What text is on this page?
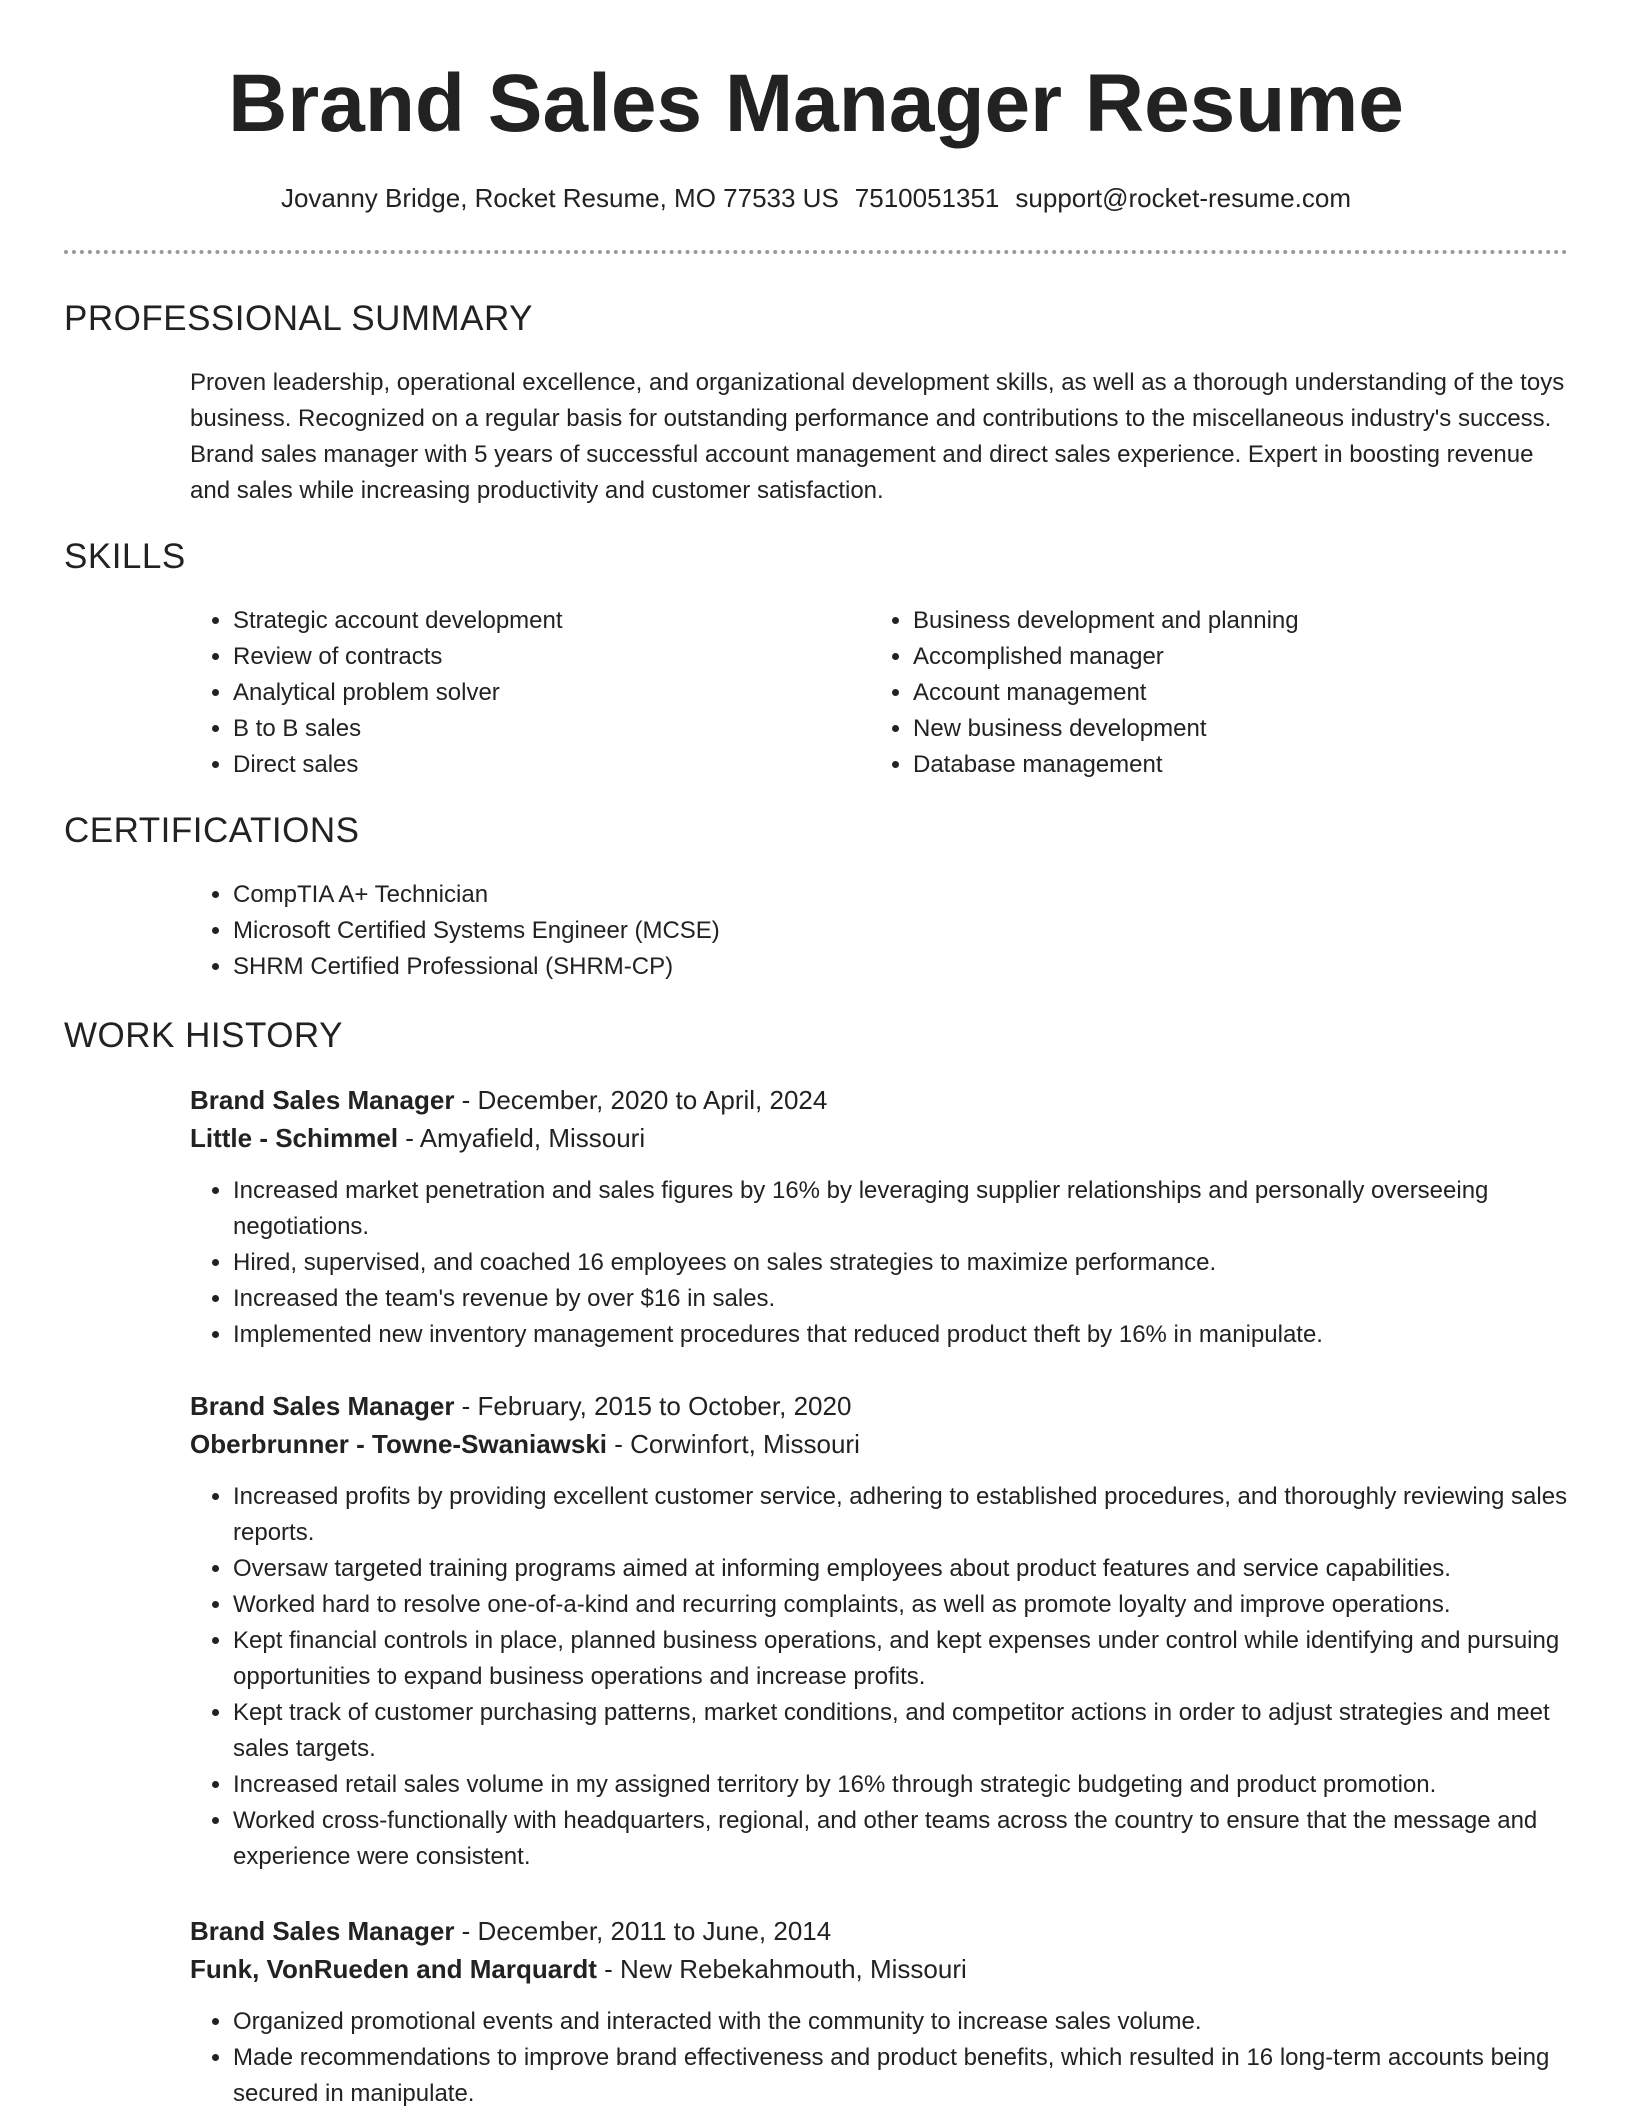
Brand Sales Manager Resume
Jovanny Bridge, Rocket Resume, MO 77533 US 7510051351 support@rocket-resume.com
PROFESSIONAL SUMMARY

Proven leadership, operational excellence, and organizational development skills, as well as a thorough understanding of the toys business. Recognized on a regular basis for outstanding performance and contributions to the miscellaneous industry's success. Brand sales manager with 5 years of successful account management and direct sales experience. Expert in boosting revenue and sales while increasing productivity and customer satisfaction.

SKILLS
• Strategic account development
• Review of contracts
• Analytical problem solver
• B to B sales
• Direct sales
• Business development and planning
• Accomplished manager
• Account management
• New business development
• Database management
CERTIFICATIONS
• CompTIA A+ Technician
• Microsoft Certified Systems Engineer (MCSE)
• SHRM Certified Professional (SHRM-CP)
WORK HISTORY

Brand Sales Manager - December, 2020 to April, 2024

Little - Schimmel - Amyafield, Missouri

• Increased market penetration and sales figures by 16% by leveraging supplier relationships and personally overseeing negotiations.
• Hired, supervised, and coached 16 employees on sales strategies to maximize performance.
• Increased the team's revenue by over $16 in sales.
• Implemented new inventory management procedures that reduced product theft by 16% in manipulate.

Brand Sales Manager - February, 2015 to October, 2020

Oberbrunner - Towne-Swaniawski - Corwinfort, Missouri

• Increased profits by providing excellent customer service, adhering to established procedures, and thoroughly reviewing sales reports.
• Oversaw targeted training programs aimed at informing employees about product features and service capabilities.
• Worked hard to resolve one-of-a-kind and recurring complaints, as well as promote loyalty and improve operations.
• Kept financial controls in place, planned business operations, and kept expenses under control while identifying and pursuing opportunities to expand business operations and increase profits.
• Kept track of customer purchasing patterns, market conditions, and competitor actions in order to adjust strategies and meet sales targets.
• Increased retail sales volume in my assigned territory by 16% through strategic budgeting and product promotion.
• Worked cross-functionally with headquarters, regional, and other teams across the country to ensure that the message and experience were consistent.

Brand Sales Manager - December, 2011 to June, 2014

Funk, VonRueden and Marquardt - New Rebekahmouth, Missouri

• Organized promotional events and interacted with the community to increase sales volume.
• Made recommendations to improve brand effectiveness and product benefits, which resulted in 16 long-term accounts being secured in manipulate.
